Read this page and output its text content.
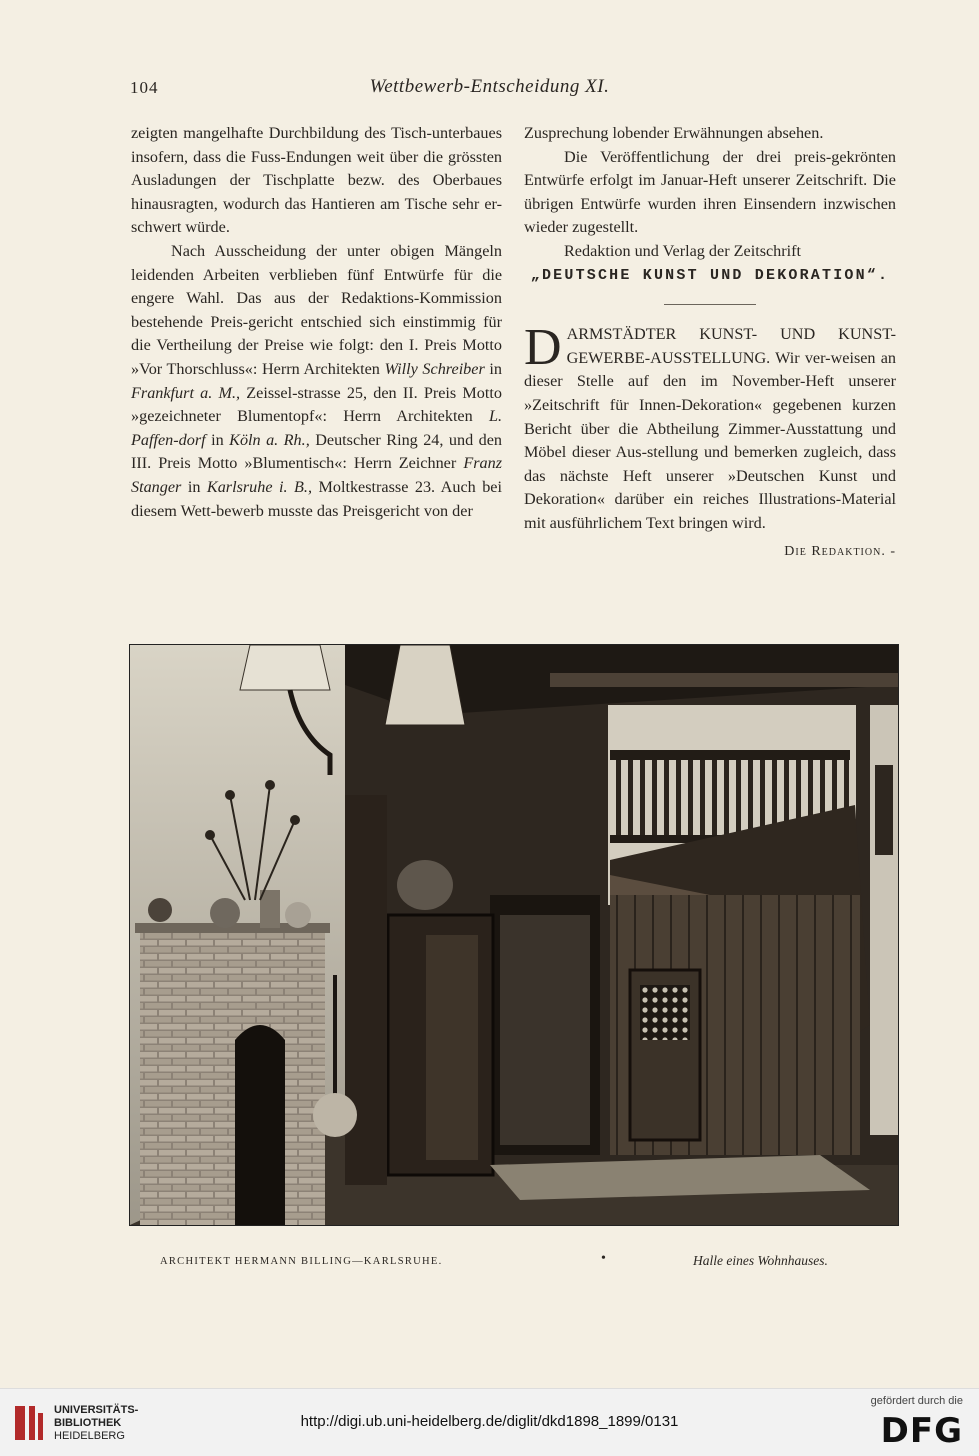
104	Wettbewerb-Entscheidung XI.

zeigten mangelhafte Durchbildung des Tisch-unterbaues insofern, dass die Fuss-Endungen weit über die grössten Ausladungen der Tischplatte bezw. des Oberbaues hinausragten, wodurch das Hantieren am Tische sehr er-schwert würde.

Nach Ausscheidung der unter obigen Mängeln leidenden Arbeiten verblieben fünf Entwürfe für die engere Wahl. Das aus der Redaktions-Kommission bestehende Preis-gericht entschied sich einstimmig für die Vertheilung der Preise wie folgt: den I. Preis Motto »Vor Thorschluss«: Herrn Architekten Willy Schreiber in Frankfurt a. M., Zeissel-strasse 25, den II. Preis Motto »gezeichneter Blumentopf«: Herrn Architekten L. Paffen-dorf in Köln a. Rh., Deutscher Ring 24, und den III. Preis Motto »Blumentisch«: Herrn Zeichner Franz Stanger in Karlsruhe i. B., Moltkestrasse 23. Auch bei diesem Wett-bewerb musste das Preisgericht von der

Zusprechung lobender Erwähnungen absehen.

Die Veröffentlichung der drei preis-gekrönten Entwürfe erfolgt im Januar-Heft unserer Zeitschrift. Die übrigen Entwürfe wurden ihren Einsendern inzwischen wieder zugestellt.

Redaktion und Verlag der Zeitschrift

„DEUTSCHE KUNST UND DEKORATION“.

DARMSTÄDTER KUNST- UND KUNST-GEWERBE-AUSSTELLUNG. Wir ver-weisen an dieser Stelle auf den im November-Heft unserer »Zeitschrift für Innen-Dekoration« gegebenen kurzen Bericht über die Abtheilung Zimmer-Ausstattung und Möbel dieser Aus-stellung und bemerken zugleich, dass das nächste Heft unserer »Deutschen Kunst und Dekoration« darüber ein reiches Illustrations-Material mit ausführlichem Text bringen wird.

Die Redaktion. -
ARCHITEKT HERMANN BILLING—KARLSRUHE.	•	Halle eines Wohnhauses.
UNIVERSITÄTS-
BIBLIOTHEK
HEIDELBERG
http://digi.ub.uni-heidelberg.de/diglit/dkd1898_1899/0131
gefördert durch die
DFG
